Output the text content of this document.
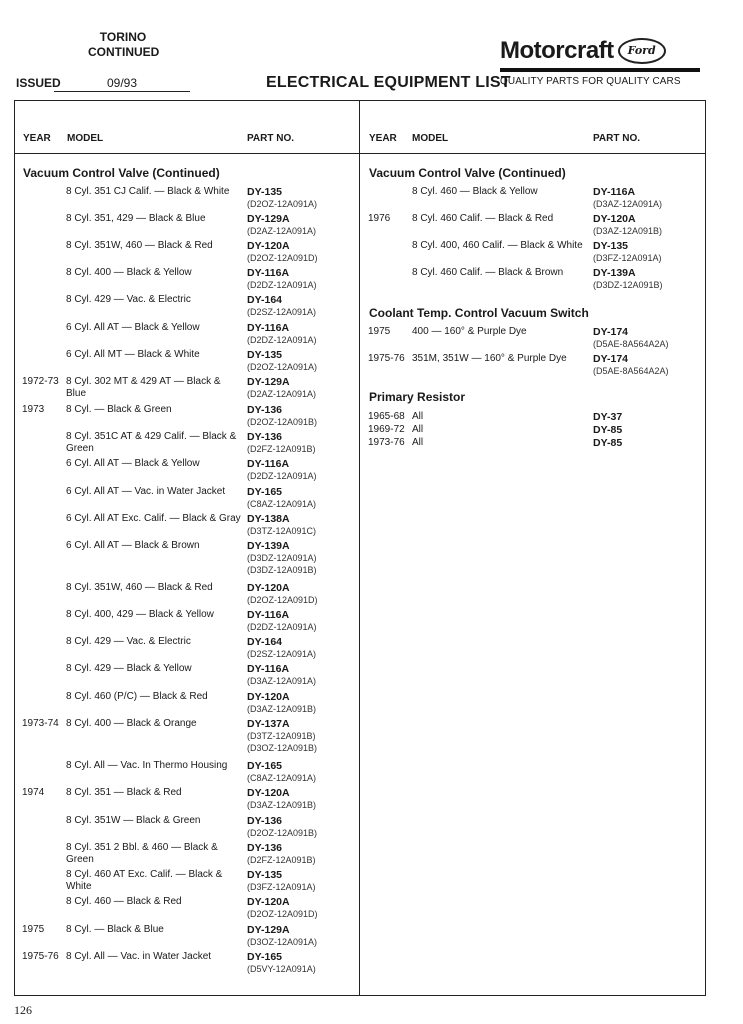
TORINO
CONTINUED
ISSUED	09/93	ELECTRICAL EQUIPMENT LIST
Motorcraft	Ford
QUALITY PARTS FOR QUALITY CARS
YEAR MODEL	PART NO.	YEAR MODEL	PART NO.
Vacuum Control Valve (Continued)
8 Cyl. 351 CJ Calif. — Black & White	DY-135
(D2OZ-12A091A)
8 Cyl. 351, 429 — Black & Blue	DY-129A
(D2AZ-12A091A)
8 Cyl. 351W, 460 — Black & Red	DY-120A
(D2OZ-12A091D)
8 Cyl. 400 — Black & Yellow	DY-116A
(D2DZ-12A091A)
8 Cyl. 429 — Vac. & Electric	DY-164
(D2SZ-12A091A)
6 Cyl. All AT — Black & Yellow	DY-116A
(D2DZ-12A091A)
6 Cyl. All MT — Black & White	DY-135
(D2OZ-12A091A)
1972-73 8 Cyl. 302 MT & 429 AT — Black & Blue
DY-129A
(D2AZ-12A091A)
1973	8 Cyl. — Black & Green	DY-136
(D2OZ-12A091B)
8 Cyl. 351C AT & 429 Calif. — Black & Green
DY-136
(D2FZ-12A091B)
6 Cyl. All AT — Black & Yellow	DY-116A
(D2DZ-12A091A)
6 Cyl. All AT — Vac. in Water Jacket	DY-165
(C8AZ-12A091A)
6 Cyl. All AT Exc. Calif. — Black & Gray DY-138A
(D3TZ-12A091C)
6 Cyl. All AT — Black & Brown	DY-139A
(D3DZ-12A091A)
(D3DZ-12A091B)
8 Cyl. 351W, 460 — Black & Red	DY-120A
(D2OZ-12A091D)
8 Cyl. 400, 429 — Black & Yellow	DY-116A
(D2DZ-12A091A)
8 Cyl. 429 — Vac. & Electric	DY-164
(D2SZ-12A091A)
8 Cyl. 429 — Black & Yellow	DY-116A
(D3AZ-12A091A)
8 Cyl. 460 (P/C) — Black & Red	DY-120A
(D3AZ-12A091B)
1973-74 8 Cyl. 400 — Black & Orange	DY-137A
(D3TZ-12A091B)
(D3OZ-12A091B)
8 Cyl. All — Vac. In Thermo Housing	DY-165
(C8AZ-12A091A)
1974	8 Cyl. 351 — Black & Red	DY-120A
(D3AZ-12A091B)
8 Cyl. 351W — Black & Green	DY-136
(D2OZ-12A091B)
8 Cyl. 351 2 Bbl. & 460 — Black & Green
DY-136
(D2FZ-12A091B)
8 Cyl. 460 AT Exc. Calif. — Black & White
DY-135
(D3FZ-12A091A)
8 Cyl. 460 — Black & Red	DY-120A
(D2OZ-12A091D)
1975	8 Cyl. — Black & Blue	DY-129A
(D3OZ-12A091A)
1975-76 8 Cyl. All — Vac. in Water Jacket	DY-165
(D5VY-12A091A)
Vacuum Control Valve (Continued)
8 Cyl. 460 — Black & Yellow	DY-116A
(D3AZ-12A091A)
1976	8 Cyl. 460 Calif. — Black & Red	DY-120A
(D3AZ-12A091B)
8 Cyl. 400, 460 Calif. — Black & White DY-135
(D3FZ-12A091A)
8 Cyl. 460 Calif. — Black & Brown	DY-139A
(D3DZ-12A091B)
Coolant Temp. Control Vacuum Switch
1975	400 — 160° & Purple Dye	DY-174
(D5AE-8A564A2A)
1975-76 351M, 351W — 160° & Purple Dye	DY-174
(D5AE-8A564A2A)
Primary Resistor
1965-68 All	DY-37
1969-72 All	DY-85
1973-76 All	DY-85
126
